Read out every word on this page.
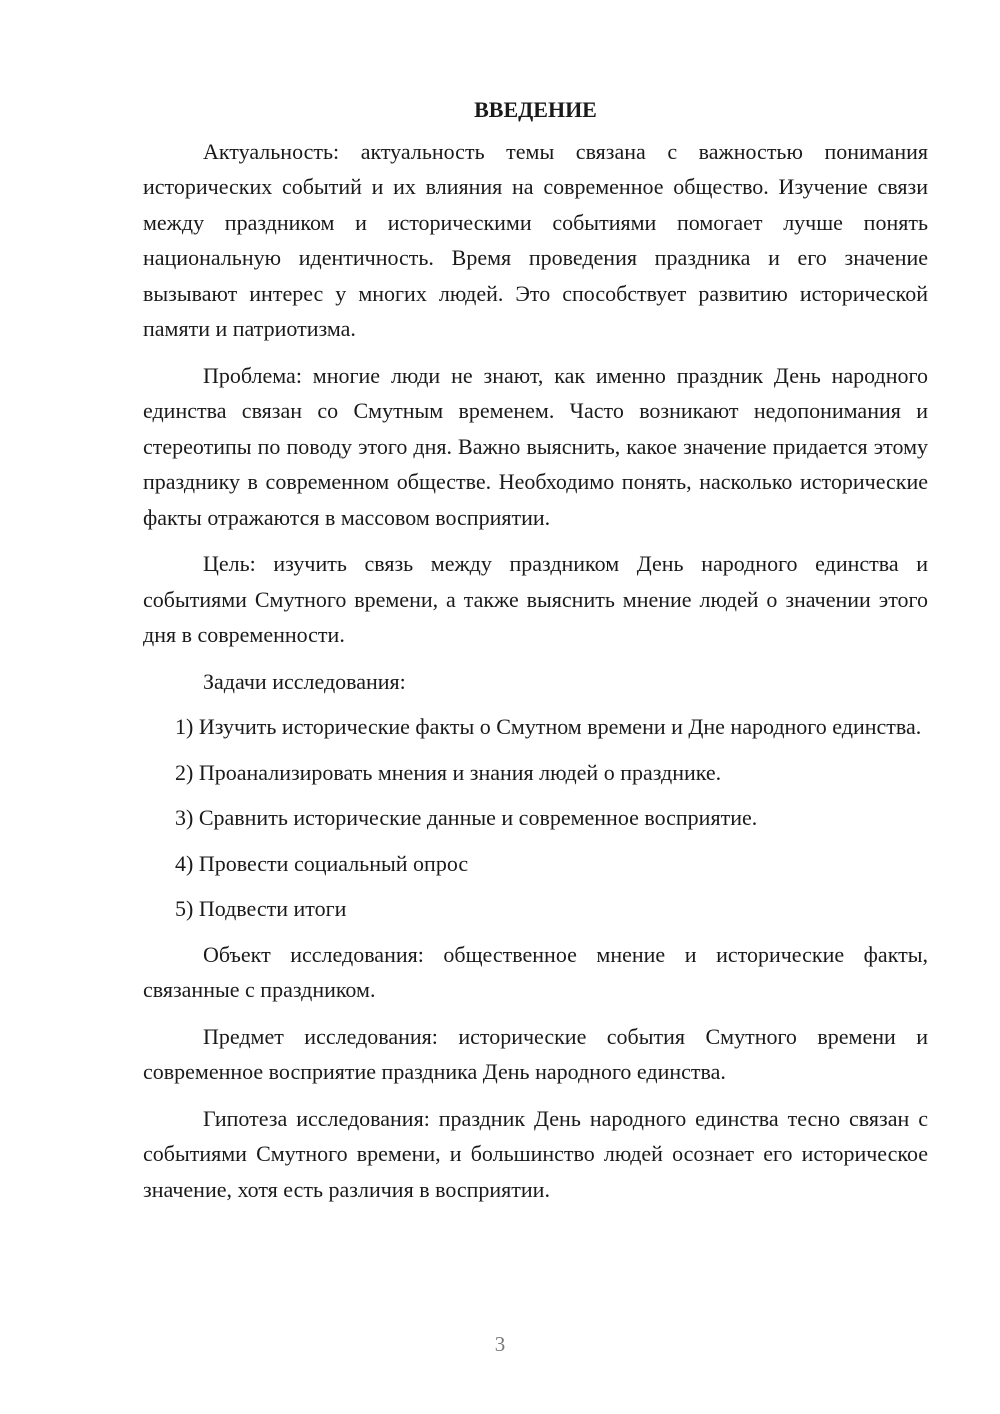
ВВЕДЕНИЕ

Актуальность: актуальность темы связана с важностью понимания исторических событий и их влияния на современное общество. Изучение связи между праздником и историческими событиями помогает лучше понять национальную идентичность. Время проведения праздника и его значение вызывают интерес у многих людей. Это способствует развитию исторической памяти и патриотизма.

Проблема: многие люди не знают, как именно праздник День народного единства связан со Смутным временем. Часто возникают недопонимания и стереотипы по поводу этого дня. Важно выяснить, какое значение придается этому празднику в современном обществе. Необходимо понять, насколько исторические факты отражаются в массовом восприятии.

Цель: изучить связь между праздником День народного единства и событиями Смутного времени, а также выяснить мнение людей о значении этого дня в современности.

Задачи исследования:

1) Изучить исторические факты о Смутном времени и Дне народного единства.
2) Проанализировать мнения и знания людей о празднике.
3) Сравнить исторические данные и современное восприятие.
4) Провести социальный опрос
5) Подвести итоги

Объект исследования: общественное мнение и исторические факты, связанные с праздником.

Предмет исследования: исторические события Смутного времени и современное восприятие праздника День народного единства.

Гипотеза исследования: праздник День народного единства тесно связан с событиями Смутного времени, и большинство людей осознает его историческое значение, хотя есть различия в восприятии.

3
